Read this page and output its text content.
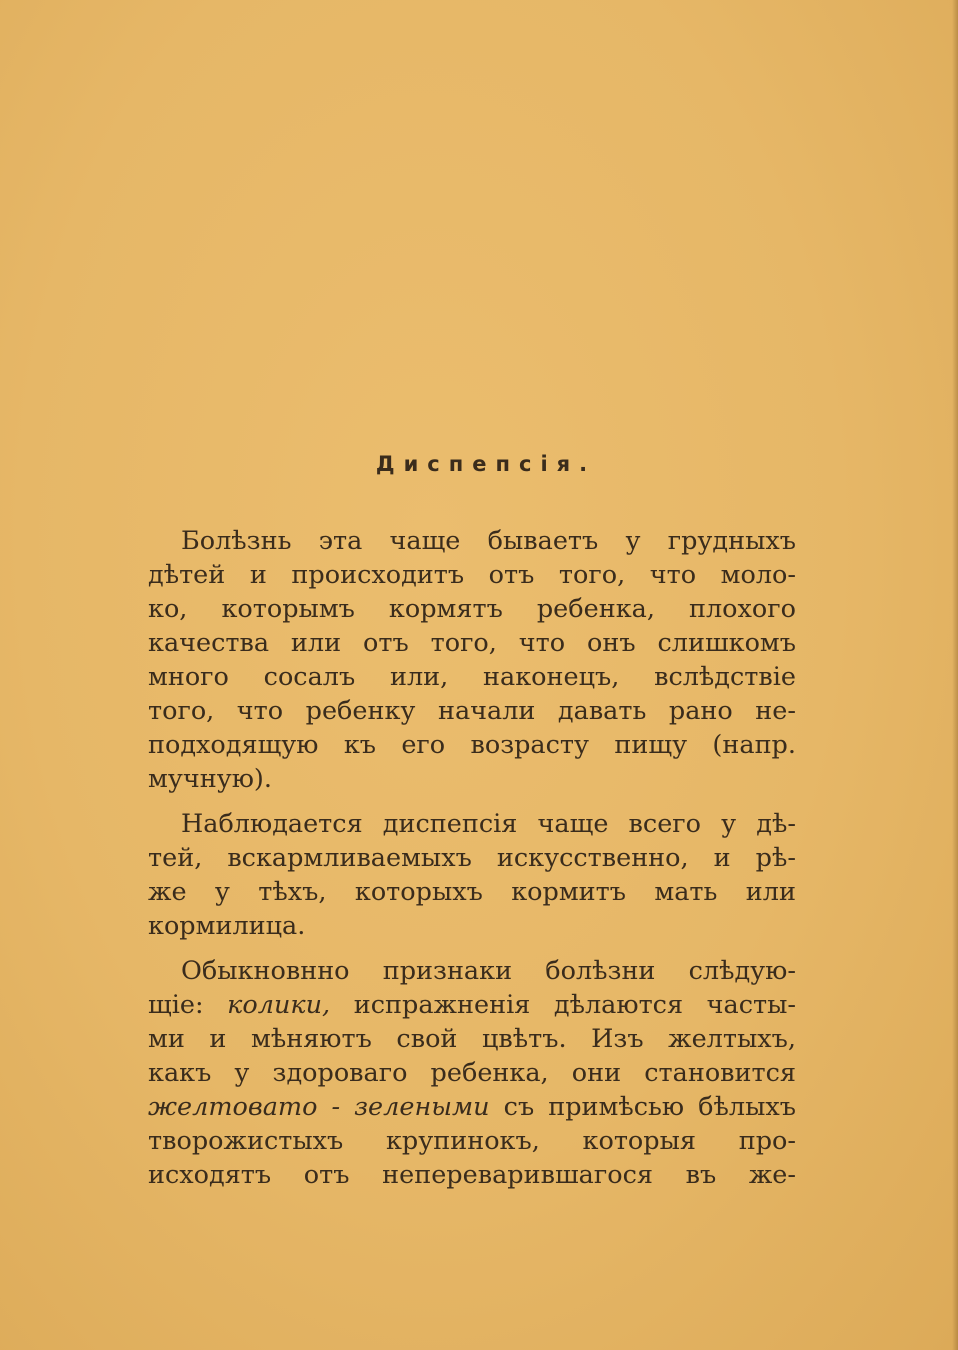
Диспепсія.
Болѣзнь эта чаще бываетъ у грудныхъ
дѣтей и происходитъ отъ того, что моло-
ко, которымъ кормятъ ребенка, плохого
качества или отъ того, что онъ слишкомъ
много сосалъ или, наконецъ, вслѣдствіе
того, что ребенку начали давать рано не-
подходящую къ его возрасту пищу (напр.
мучную).
Наблюдается диспепсія чаще всего у дѣ-
тей, вскармливаемыхъ искусственно, и рѣ-
же у тѣхъ, которыхъ кормитъ мать или
кормилица.
Обыкновнно признаки болѣзни слѣдую-
щіе: колики, испражненія дѣлаются часты-
ми и мѣняютъ свой цвѣтъ. Изъ желтыхъ,
какъ у здороваго ребенка, они становится
желтовато - зелеными съ примѣсью бѣлыхъ
творожистыхъ крупинокъ, которыя про-
исходятъ отъ непереварившагося въ же-
